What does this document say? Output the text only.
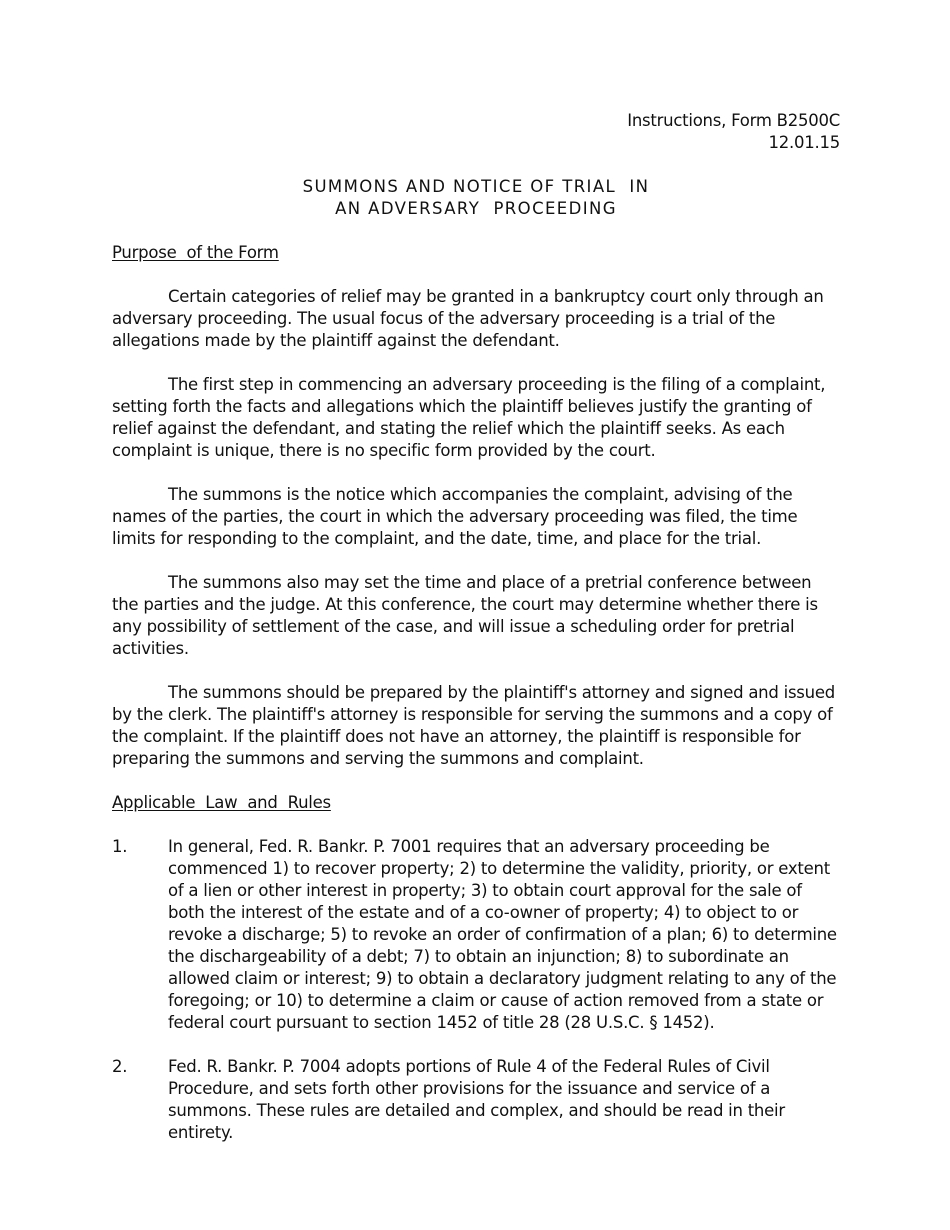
Instructions, Form B2500C
12.01.15
SUMMONS AND NOTICE OF TRIAL  IN
AN ADVERSARY  PROCEEDING
Purpose  of the Form

Certain categories of relief may be granted in a bankruptcy court only through an adversary proceeding. The usual focus of the adversary proceeding is a trial of the allegations made by the plaintiff against the defendant.

The first step in commencing an adversary proceeding is the filing of a complaint, setting forth the facts and allegations which the plaintiff believes justify the granting of relief against the defendant, and stating the relief which the plaintiff seeks. As each complaint is unique, there is no specific form provided by the court.

The summons is the notice which accompanies the complaint, advising of the names of the parties, the court in which the adversary proceeding was filed, the time limits for responding to the complaint, and the date, time, and place for the trial.

The summons also may set the time and place of a pretrial conference between the parties and the judge. At this conference, the court may determine whether there is any possibility of settlement of the case, and will issue a scheduling order for pretrial activities.

The summons should be prepared by the plaintiff's attorney and signed and issued by the clerk. The plaintiff's attorney is responsible for serving the summons and a copy of the complaint. If the plaintiff does not have an attorney, the plaintiff is responsible for preparing the summons and serving the summons and complaint.

Applicable  Law  and  Rules
1.	In general, Fed. R. Bankr. P. 7001 requires that an adversary proceeding be commenced 1) to recover property; 2) to determine the validity, priority, or extent of a lien or other interest in property; 3) to obtain court approval for the sale of both the interest of the estate and of a co-owner of property; 4) to object to or revoke a discharge; 5) to revoke an order of confirmation of a plan; 6) to determine the dischargeability of a debt; 7) to obtain an injunction; 8) to subordinate an allowed claim or interest; 9) to obtain a declaratory judgment relating to any of the foregoing; or 10) to determine a claim or cause of action removed from a state or federal court pursuant to section 1452 of title 28 (28 U.S.C. § 1452).
2.	Fed. R. Bankr. P. 7004 adopts portions of Rule 4 of the Federal Rules of Civil Procedure, and sets forth other provisions for the issuance and service of a summons. These rules are detailed and complex, and should be read in their entirety.
